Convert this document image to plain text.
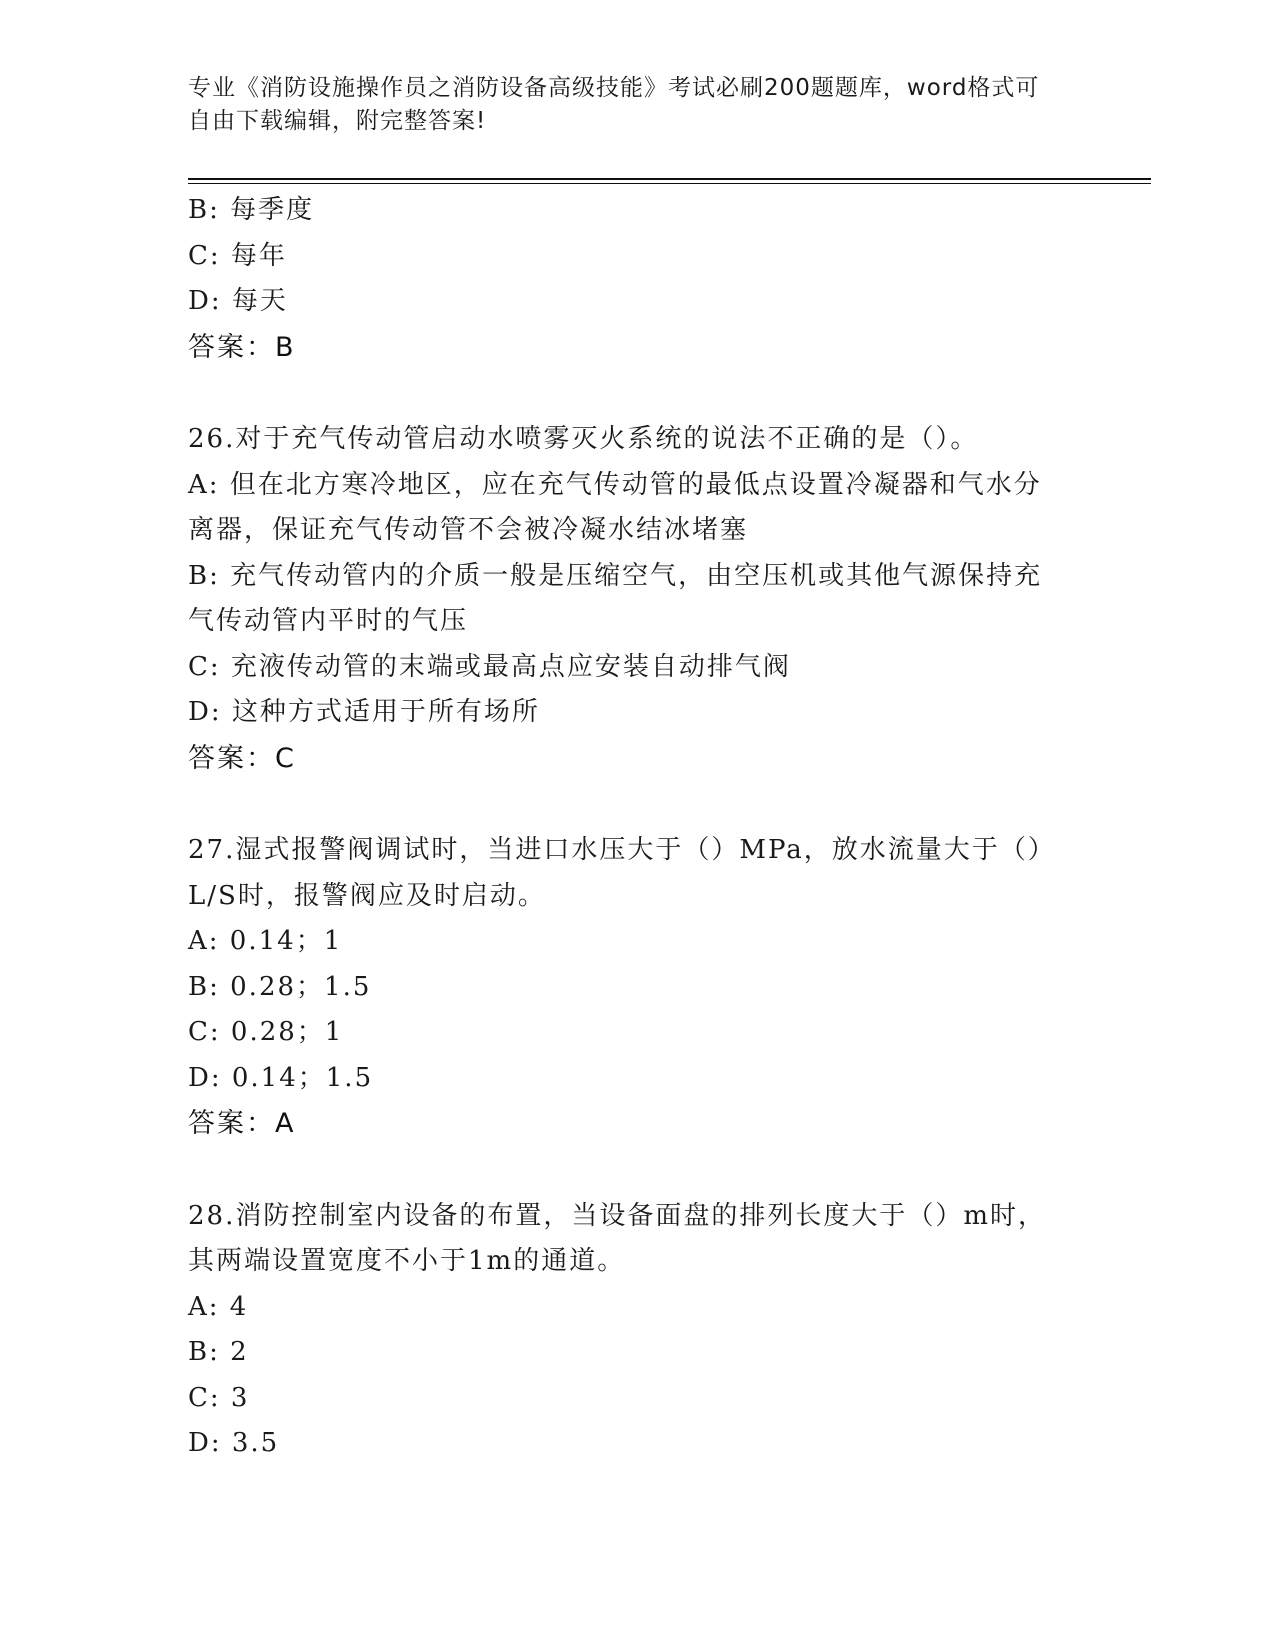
专业《消防设施操作员之消防设备高级技能》考试必刷200题题库，word格式可
自由下载编辑，附完整答案!
B: 每季度
C: 每年
D: 每天
答案：B
26.对于充气传动管启动水喷雾灭火系统的说法不正确的是（）。
A: 但在北方寒冷地区，应在充气传动管的最低点设置冷凝器和气水分
离器，保证充气传动管不会被冷凝水结冰堵塞
B: 充气传动管内的介质一般是压缩空气，由空压机或其他气源保持充
气传动管内平时的气压
C: 充液传动管的末端或最高点应安装自动排气阀
D: 这种方式适用于所有场所
答案：C
27.湿式报警阀调试时，当进口水压大于（）MPa，放水流量大于（）
L/S时，报警阀应及时启动。
A: 0.14；1
B: 0.28；1.5
C: 0.28；1
D: 0.14；1.5
答案：A
28.消防控制室内设备的布置，当设备面盘的排列长度大于（）m时，
其两端设置宽度不小于1m的通道。
A: 4
B: 2
C: 3
D: 3.5
